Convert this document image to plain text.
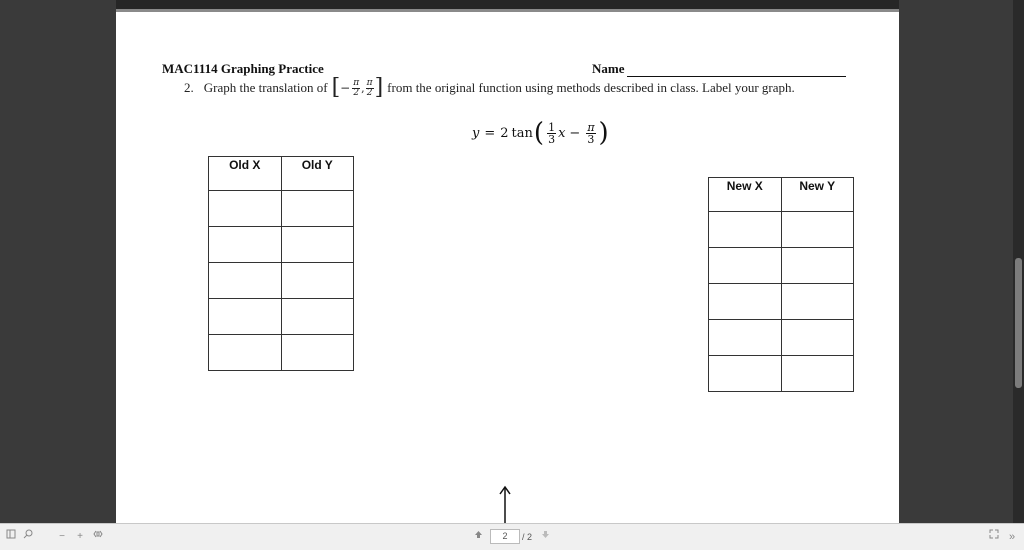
MAC1114 Graphing Practice	Name
2. Graph the translation of [ − $\frac{\pi}{2}$ , $\frac{\pi}{2}$ ] from the original function using methods described in class. Label your graph.
y = 2 tan ( $\frac{1}{3}$ $x - \frac{\pi}{3}$ )
Old X	Old Y

New X	New Y

− +
2	/ 2	»
